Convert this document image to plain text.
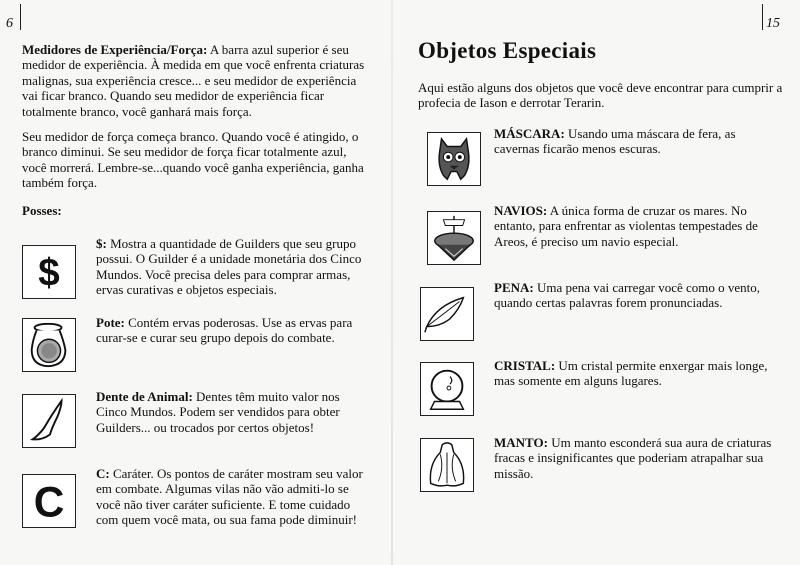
6

Medidores de Experiência/Força: A barra azul superior é seu medidor de experiência. À medida em que você enfrenta criaturas malignas, sua experiência cresce... e seu medidor de experiência vai ficar branco. Quando seu medidor de experiência ficar totalmente branco, você ganhará mais força.

Seu medidor de força começa branco. Quando você é atingido, o branco diminui. Se seu medidor de força ficar totalmente azul, você morrerá. Lembre-se...quando você ganha experiência, ganha também força.

Posses:

$

$: Mostra a quantidade de Guilders que seu grupo possui. O Guilder é a unidade monetária dos Cinco Mundos. Você precisa deles para comprar armas, ervas curativas e objetos especiais.

Pote: Contém ervas poderosas. Use as ervas para curar-se e curar seu grupo depois do combate.

Dente de Animal: Dentes têm muito valor nos Cinco Mundos. Podem ser vendidos para obter Guilders... ou trocados por certos objetos!

C

C: Caráter. Os pontos de caráter mostram seu valor em combate. Algumas vilas não vão admiti-lo se você não tiver caráter suficiente. E tome cuidado com quem você mata, ou sua fama pode diminuir!

15
Objetos Especiais

Aqui estão alguns dos objetos que você deve encontrar para cumprir a profecia de Iason e derrotar Terarin.

MÁSCARA: Usando uma máscara de fera, as cavernas ficarão menos escuras.

NAVIOS: A única forma de cruzar os mares. No entanto, para enfrentar as violentas tempestades de Areos, é preciso um navio especial.

PENA: Uma pena vai carregar você como o vento, quando certas palavras forem pronunciadas.

CRISTAL: Um cristal permite enxergar mais longe, mas somente em alguns lugares.

MANTO: Um manto esconderá sua aura de criaturas fracas e insignificantes que poderiam atrapalhar sua missão.
